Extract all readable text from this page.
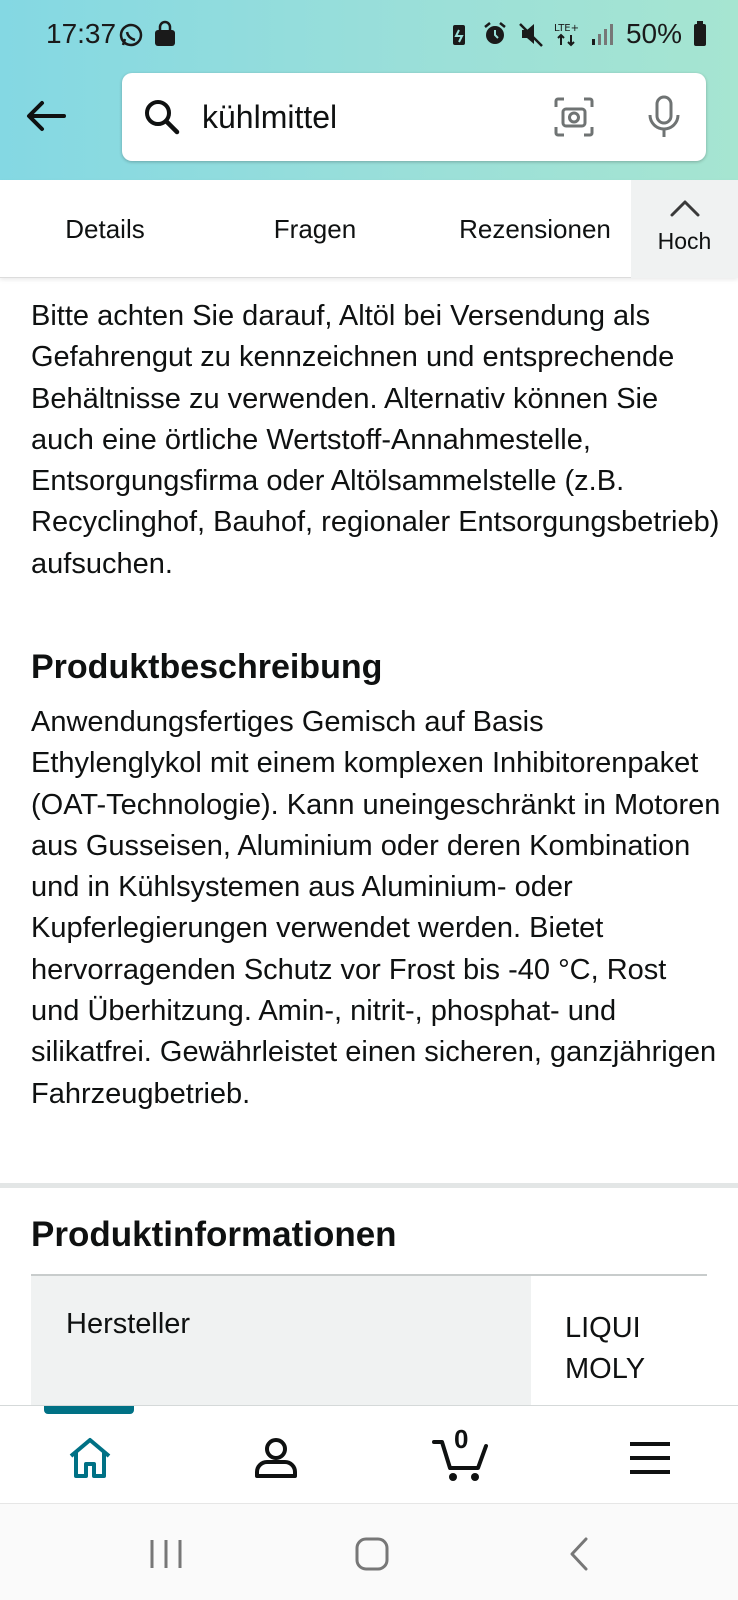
17:37	LTE+ 50%
kühlmittel
Details	Fragen	Rezensionen	Hoch

Bitte achten Sie darauf, Altöl bei Versendung als Gefahrengut zu kennzeichnen und entsprechende Behältnisse zu verwenden. Alternativ können Sie auch eine örtliche Wertstoff-Annahmestelle, Entsorgungsfirma oder Altölsammelstelle (z.B. Recyclinghof, Bauhof, regionaler Entsorgungsbetrieb) aufsuchen.

Produktbeschreibung

Anwendungsfertiges Gemisch auf Basis Ethylenglykol mit einem komplexen Inhibitorenpaket (OAT-Technologie). Kann uneingeschränkt in Motoren aus Gusseisen, Aluminium oder deren Kombination und in Kühlsystemen aus Aluminium- oder Kupferlegierungen verwendet werden. Bietet hervorragenden Schutz vor Frost bis -40 °C, Rost und Überhitzung. Amin-, nitrit-, phosphat- und silikatfrei. Gewährleistet einen sicheren, ganzjährigen Fahrzeugbetrieb.

Produktinformationen
Hersteller	LIQUI MOLY
0
